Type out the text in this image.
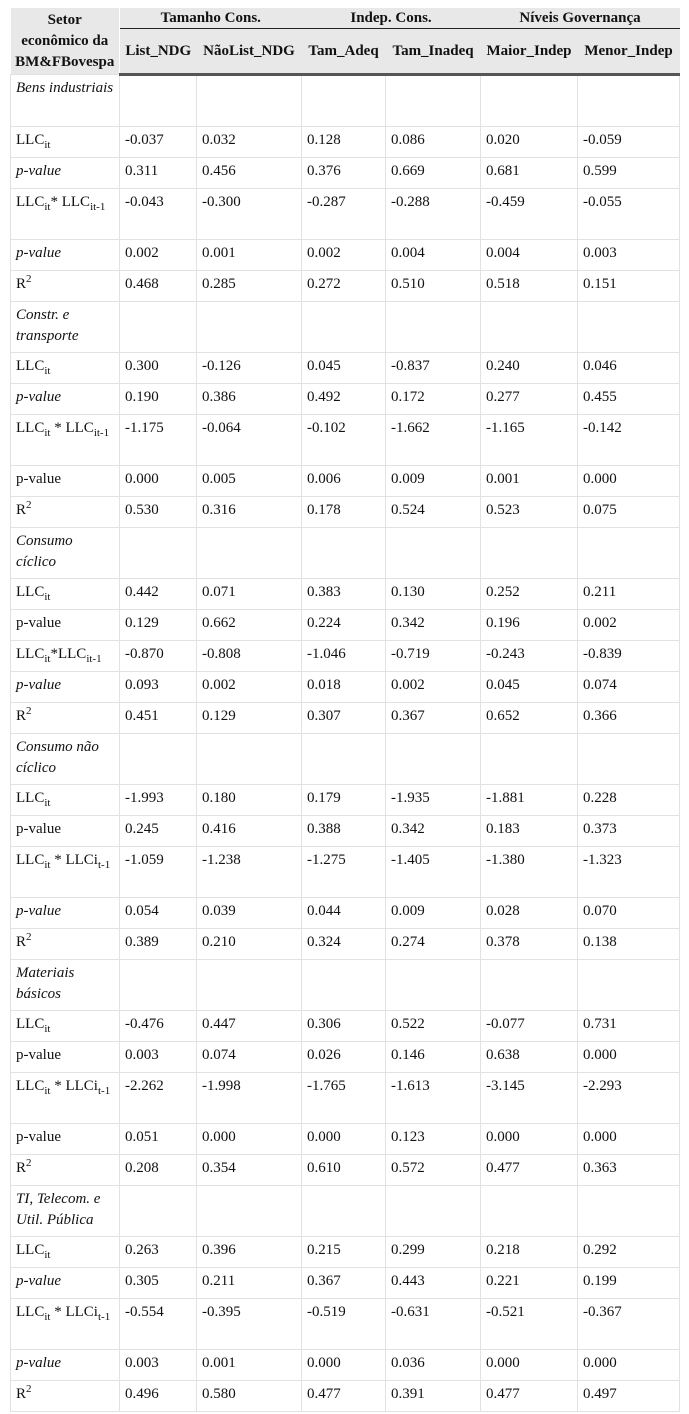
Setor econômico da BM&FBovespa	Tamanho Cons.		Indep. Cons.		Níveis Governança	
	List_NDG	NãoList_NDG	Tam_Adeq	Tam_Inadeq	Maior_Indep	Menor_Indep
Bens industriais						
$LLC_{it}$	-0.037	0.032	0.128	0.086	0.020	-0.059
p-value	0.311	0.456	0.376	0.669	0.681	0.599
$LLC_{it}*$ $LLC_{it-1}$	-0.043	-0.300	-0.287	-0.288	-0.459	-0.055
p-value	0.002	0.001	0.002	0.004	0.004	0.003
$R^2$	0.468	0.285	0.272	0.510	0.518	0.151
Constr. e transporte						
$LLC_{it}$	0.300	-0.126	0.045	-0.837	0.240	0.046
p-value	0.190	0.386	0.492	0.172	0.277	0.455
$LLC_{it} * LLC_{it-1}$	-1.175	-0.064	-0.102	-1.662	-1.165	-0.142
p-value	0.000	0.005	0.006	0.009	0.001	0.000
$R^2$	0.530	0.316	0.178	0.524	0.523	0.075
Consumo cíclico						
$LLC_{it}$	0.442	0.071	0.383	0.130	0.252	0.211
p-value	0.129	0.662	0.224	0.342	0.196	0.002
$LLC_{it}*LLC_{it-1}$	-0.870	-0.808	-1.046	-0.719	-0.243	-0.839
p-value	0.093	0.002	0.018	0.002	0.045	0.074
$R^2$	0.451	0.129	0.307	0.367	0.652	0.366
Consumo não cíclico						
$LLC_{it}$	-1.993	0.180	0.179	-1.935	-1.881	0.228
p-value	0.245	0.416	0.388	0.342	0.183	0.373
$LLC_{it}$ * LLCi$_{t-1}$	-1.059	-1.238	-1.275	-1.405	-1.380	-1.323
p-value	0.054	0.039	0.044	0.009	0.028	0.070
$R^2$	0.389	0.210	0.324	0.274	0.378	0.138
Materiais básicos						
$LLC_{it}$	-0.476	0.447	0.306	0.522	-0.077	0.731
p-value	0.003	0.074	0.026	0.146	0.638	0.000
$LLC_{it}$ * LLCi$_{t-1}$	-2.262	-1.998	-1.765	-1.613	-3.145	-2.293
p-value	0.051	0.000	0.000	0.123	0.000	0.000
$R^2$	0.208	0.354	0.610	0.572	0.477	0.363
TI, Telecom. e Util. Pública						
$LLC_{it}$	0.263	0.396	0.215	0.299	0.218	0.292
p-value	0.305	0.211	0.367	0.443	0.221	0.199
$LLC_{it}$ * LLCi$_{t-1}$	-0.554	-0.395	-0.519	-0.631	-0.521	-0.367
p-value	0.003	0.001	0.000	0.036	0.000	0.000
$R^2$	0.496	0.580	0.477	0.391	0.477	0.497
